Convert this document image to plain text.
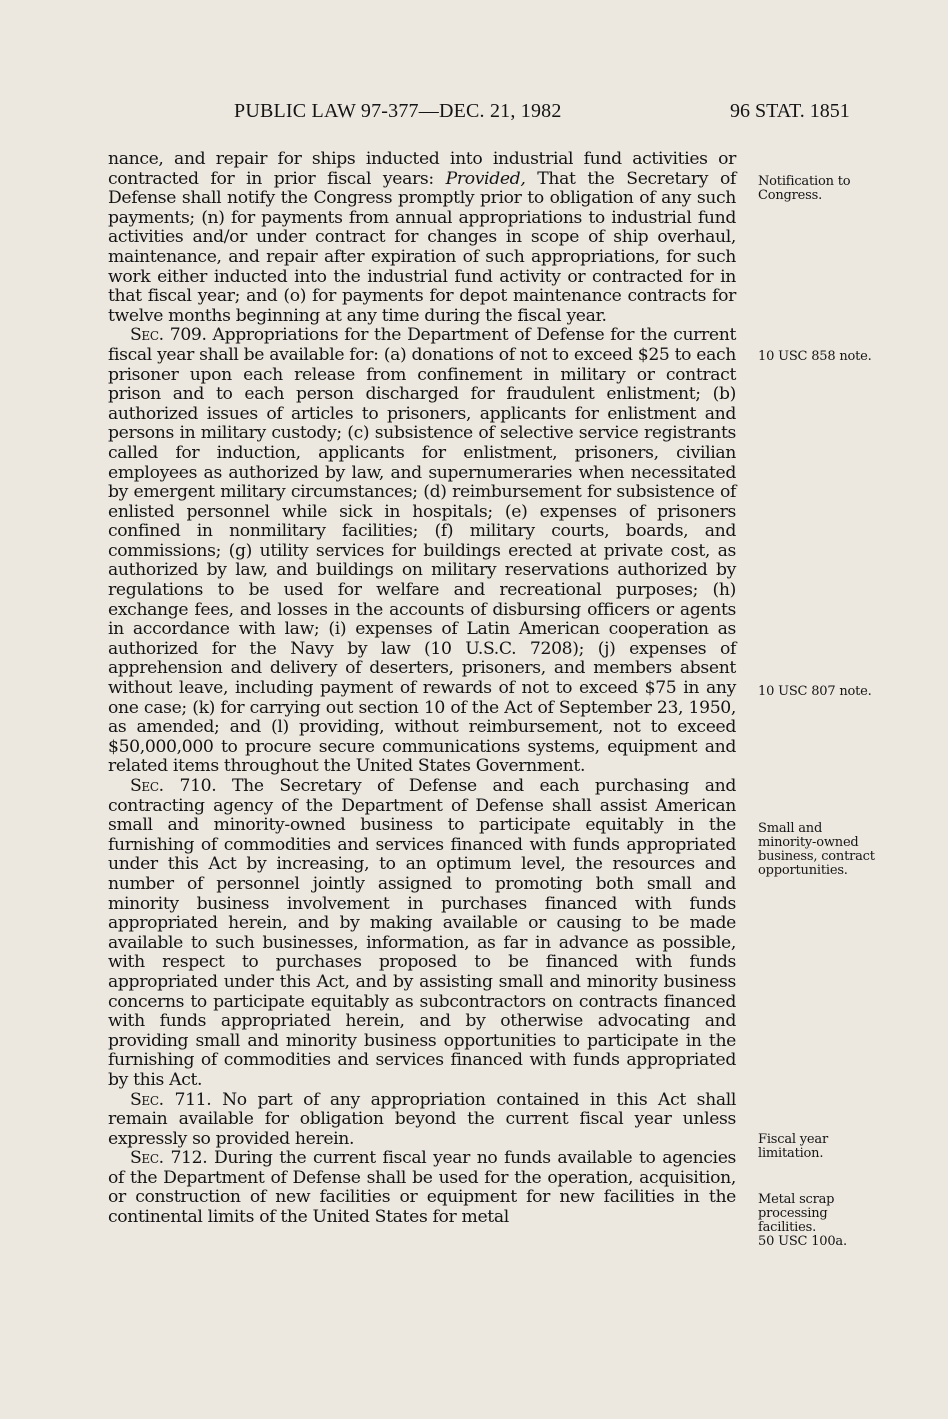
PUBLIC LAW 97-377—DEC. 21, 1982	96 STAT. 1851

nance, and repair for ships inducted into industrial fund activities or contracted for in prior fiscal years: Provided, That the Secretary of Defense shall notify the Congress promptly prior to obligation of any such payments; (n) for payments from annual appropriations to industrial fund activities and/or under contract for changes in scope of ship overhaul, maintenance, and repair after expiration of such appropriations, for such work either inducted into the industrial fund activity or contracted for in that fiscal year; and (o) for payments for depot maintenance contracts for twelve months beginning at any time during the fiscal year.

Sec. 709. Appropriations for the Department of Defense for the current fiscal year shall be available for: (a) donations of not to exceed $25 to each prisoner upon each release from confinement in military or contract prison and to each person discharged for fraudulent enlistment; (b) authorized issues of articles to prisoners, applicants for enlistment and persons in military custody; (c) subsistence of selective service registrants called for induction, applicants for enlistment, prisoners, civilian employees as authorized by law, and supernumeraries when necessitated by emergent military circumstances; (d) reimbursement for subsistence of enlisted personnel while sick in hospitals; (e) expenses of prisoners confined in nonmilitary facilities; (f) military courts, boards, and commissions; (g) utility services for buildings erected at private cost, as authorized by law, and buildings on military reservations authorized by regulations to be used for welfare and recreational purposes; (h) exchange fees, and losses in the accounts of disbursing officers or agents in accordance with law; (i) expenses of Latin American cooperation as authorized for the Navy by law (10 U.S.C. 7208); (j) expenses of apprehension and delivery of deserters, prisoners, and members absent without leave, including payment of rewards of not to exceed $75 in any one case; (k) for carrying out section 10 of the Act of September 23, 1950, as amended; and (l) providing, without reimbursement, not to exceed $50,000,000 to procure secure communications systems, equipment and related items throughout the United States Government.

Sec. 710. The Secretary of Defense and each purchasing and contracting agency of the Department of Defense shall assist American small and minority-owned business to participate equitably in the furnishing of commodities and services financed with funds appropriated under this Act by increasing, to an optimum level, the resources and number of personnel jointly assigned to promoting both small and minority business involvement in purchases financed with funds appropriated herein, and by making available or causing to be made available to such businesses, information, as far in advance as possible, with respect to purchases proposed to be financed with funds appropriated under this Act, and by assisting small and minority business concerns to participate equitably as subcontractors on contracts financed with funds appropriated herein, and by otherwise advocating and providing small and minority business opportunities to participate in the furnishing of commodities and services financed with funds appropriated by this Act.

Sec. 711. No part of any appropriation contained in this Act shall remain available for obligation beyond the current fiscal year unless expressly so provided herein.

Sec. 712. During the current fiscal year no funds available to agencies of the Department of Defense shall be used for the operation, acquisition, or construction of new facilities or equipment for new facilities in the continental limits of the United States for metal

Notification to Congress.
10 USC 858 note.
10 USC 807 note.
Small and minority-owned business, contract opportunities.
Fiscal year limitation.
Metal scrap processing facilities.
50 USC 100a.
